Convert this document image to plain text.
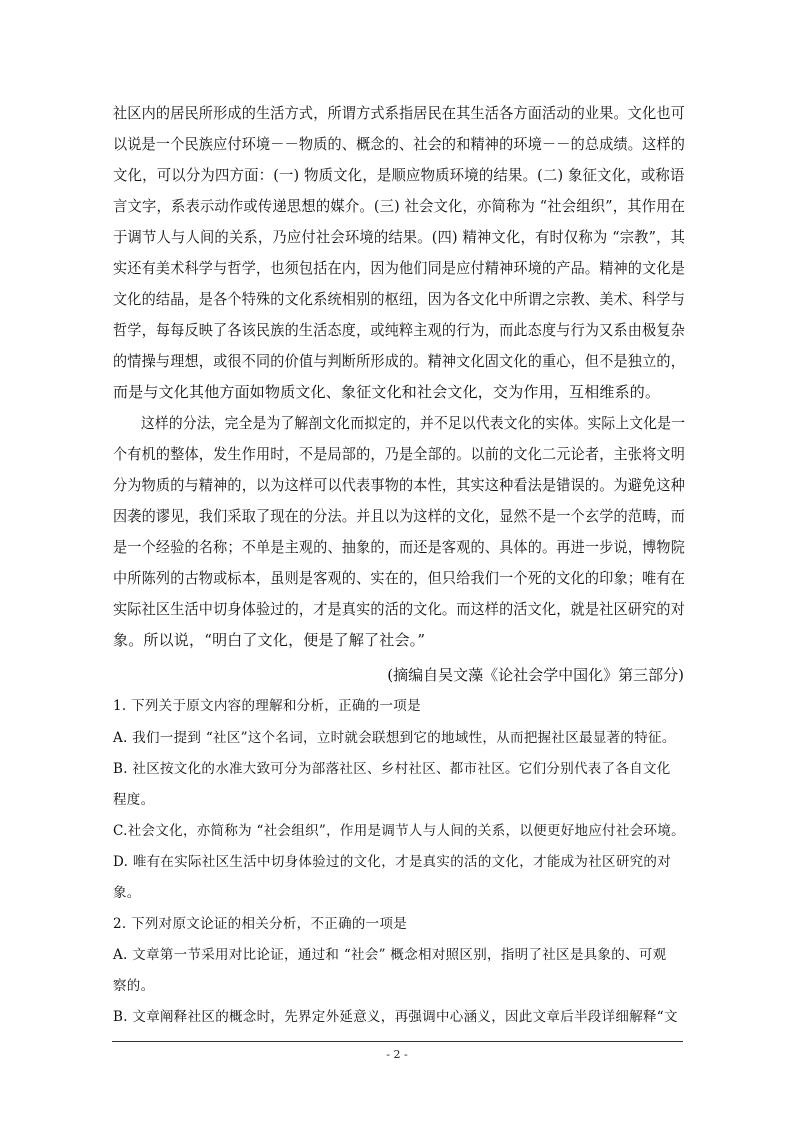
社区内的居民所形成的生活方式，所谓方式系指居民在其生活各方面活动的业果。文化也可
以说是一个民族应付环境－－物质的、概念的、社会的和精神的环境－－的总成绩。这样的
文化，可以分为四方面：(一) 物质文化，是顺应物质环境的结果。(二) 象征文化，或称语
言文字，系表示动作或传递思想的媒介。(三) 社会文化，亦简称为 “社会组织”，其作用在
于调节人与人间的关系，乃应付社会环境的结果。(四) 精神文化，有时仅称为 “宗教”，其
实还有美术科学与哲学，也须包括在内，因为他们同是应付精神环境的产品。精神的文化是
文化的结晶，是各个特殊的文化系统相别的枢纽，因为各文化中所谓之宗教、美术、科学与
哲学，每每反映了各该民族的生活态度，或纯粹主观的行为，而此态度与行为又系由极复杂
的情操与理想，或很不同的价值与判断所形成的。精神文化固文化的重心，但不是独立的，
而是与文化其他方面如物质文化、象征文化和社会文化，交为作用，互相维系的。
　　这样的分法，完全是为了解剖文化而拟定的，并不足以代表文化的实体。实际上文化是一
个有机的整体，发生作用时，不是局部的，乃是全部的。以前的文化二元论者，主张将文明
分为物质的与精神的，以为这样可以代表事物的本性，其实这种看法是错误的。为避免这种
因袭的谬见，我们采取了现在的分法。并且以为这样的文化，显然不是一个玄学的范畴，而
是一个经验的名称；不单是主观的、抽象的，而还是客观的、具体的。再进一步说，博物院
中所陈列的古物或标本，虽则是客观的、实在的，但只给我们一个死的文化的印象；唯有在
实际社区生活中切身体验过的，才是真实的活的文化。而这样的活文化，就是社区研究的对
象。所以说，“明白了文化，便是了解了社会。”
(摘编自吴文藻《论社会学中国化》第三部分)
1. 下列关于原文内容的理解和分析，正确的一项是
A. 我们一提到 “社区”这个名词，立时就会联想到它的地域性，从而把握社区最显著的特征。
B. 社区按文化的水准大致可分为部落社区、乡村社区、都市社区。它们分别代表了各自文化
程度。
C.社会文化，亦简称为 “社会组织”，作用是调节人与人间的关系，以便更好地应付社会环境。
D. 唯有在实际社区生活中切身体验过的文化，才是真实的活的文化，才能成为社区研究的对
象。
2. 下列对原文论证的相关分析，不正确的一项是
A. 文章第一节采用对比论证，通过和 “社会” 概念相对照区别，指明了社区是具象的、可观
察的。
B. 文章阐释社区的概念时，先界定外延意义，再强调中心涵义，因此文章后半段详细解释“文
- 2 -
